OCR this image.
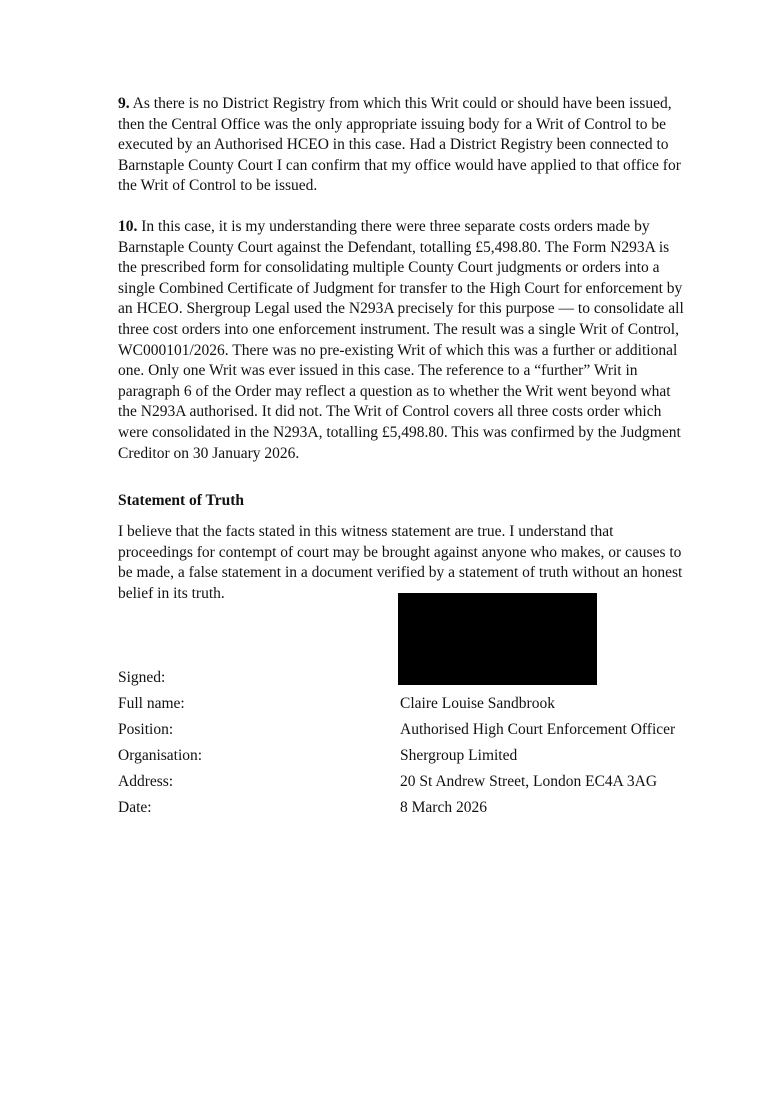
9. As there is no District Registry from which this Writ could or should have been issued, then the Central Office was the only appropriate issuing body for a Writ of Control to be executed by an Authorised HCEO in this case. Had a District Registry been connected to Barnstaple County Court I can confirm that my office would have applied to that office for the Writ of Control to be issued.

10. In this case, it is my understanding there were three separate costs orders made by Barnstaple County Court against the Defendant, totalling £5,498.80. The Form N293A is the prescribed form for consolidating multiple County Court judgments or orders into a single Combined Certificate of Judgment for transfer to the High Court for enforcement by an HCEO. Shergroup Legal used the N293A precisely for this purpose — to consolidate all three cost orders into one enforcement instrument. The result was a single Writ of Control, WC000101/2026. There was no pre-existing Writ of which this was a further or additional one. Only one Writ was ever issued in this case. The reference to a “further” Writ in paragraph 6 of the Order may reflect a question as to whether the Writ went beyond what the N293A authorised. It did not. The Writ of Control covers all three costs order which were consolidated in the N293A, totalling £5,498.80. This was confirmed by the Judgment Creditor on 30 January 2026.

Statement of Truth

I believe that the facts stated in this witness statement are true. I understand that proceedings for contempt of court may be brought against anyone who makes, or causes to be made, a false statement in a document verified by a statement of truth without an honest belief in its truth.

Signed:
Full name:	Claire Louise Sandbrook
Position:	Authorised High Court Enforcement Officer
Organisation:	Shergroup Limited
Address:	20 St Andrew Street, London EC4A 3AG
Date:	8 March 2026
